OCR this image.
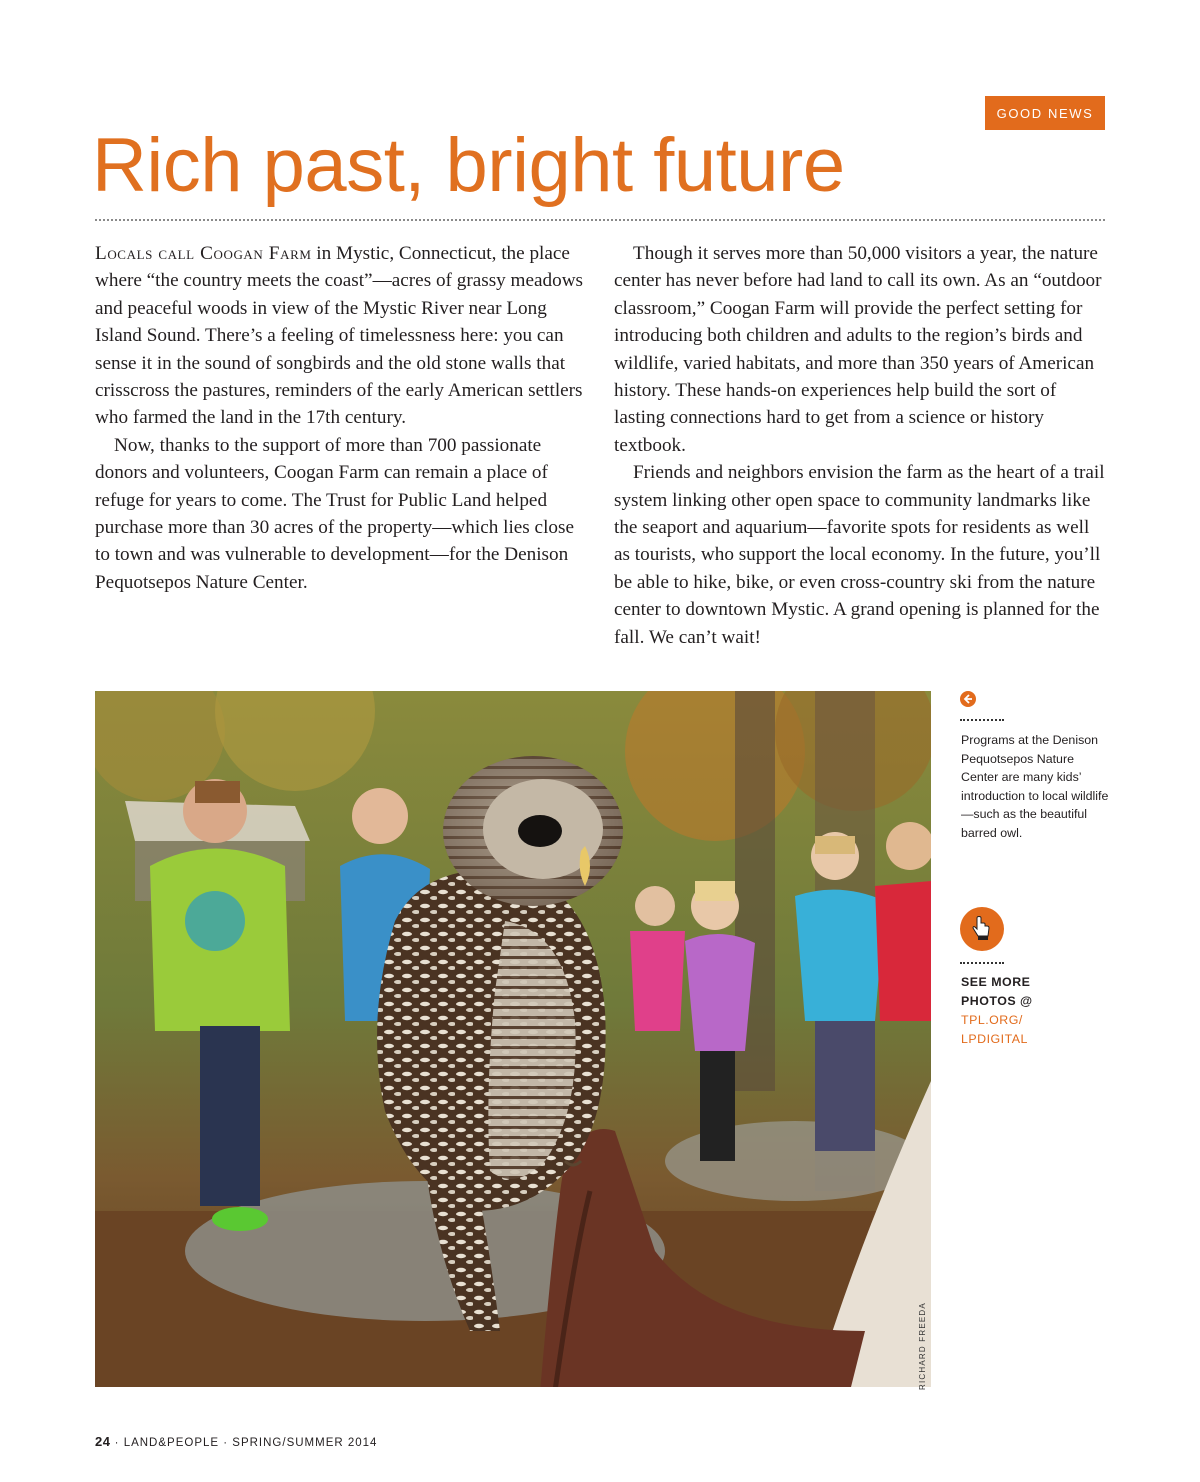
GOOD NEWS
Rich past, bright future

Locals call Coogan Farm in Mystic, Connecticut, the place where “the country meets the coast”—acres of grassy meadows and peaceful woods in view of the Mystic River near Long Island Sound. There’s a feeling of timelessness here: you can sense it in the sound of songbirds and the old stone walls that crisscross the pastures, reminders of the early American settlers who farmed the land in the 17th century.

Now, thanks to the support of more than 700 passionate donors and volunteers, Coogan Farm can remain a place of refuge for years to come. The Trust for Public Land helped purchase more than 30 acres of the property—which lies close to town and was vulnerable to development—for the Denison Pequotsepos Nature Center.

Though it serves more than 50,000 visitors a year, the nature center has never before had land to call its own. As an “outdoor classroom,” Coogan Farm will provide the perfect setting for introducing both children and adults to the region’s birds and wildlife, varied habitats, and more than 350 years of American history. These hands-on experiences help build the sort of lasting connections hard to get from a science or history textbook.

Friends and neighbors envision the farm as the heart of a trail system linking other open space to community landmarks like the seaport and aquarium—favorite spots for residents as well as tourists, who support the local economy. In the future, you’ll be able to hike, bike, or even cross-country ski from the nature center to downtown Mystic. A grand opening is planned for the fall. We can’t wait!

RICHARD FREEDA
Programs at the Denison Pequotsepos Nature Center are many kids’ introduction to local wildlife—such as the beautiful barred owl.
SEE MORE
PHOTOS @
TPL.ORG/
LPDIGITAL
24 · LAND&PEOPLE · SPRING/SUMMER 2014
